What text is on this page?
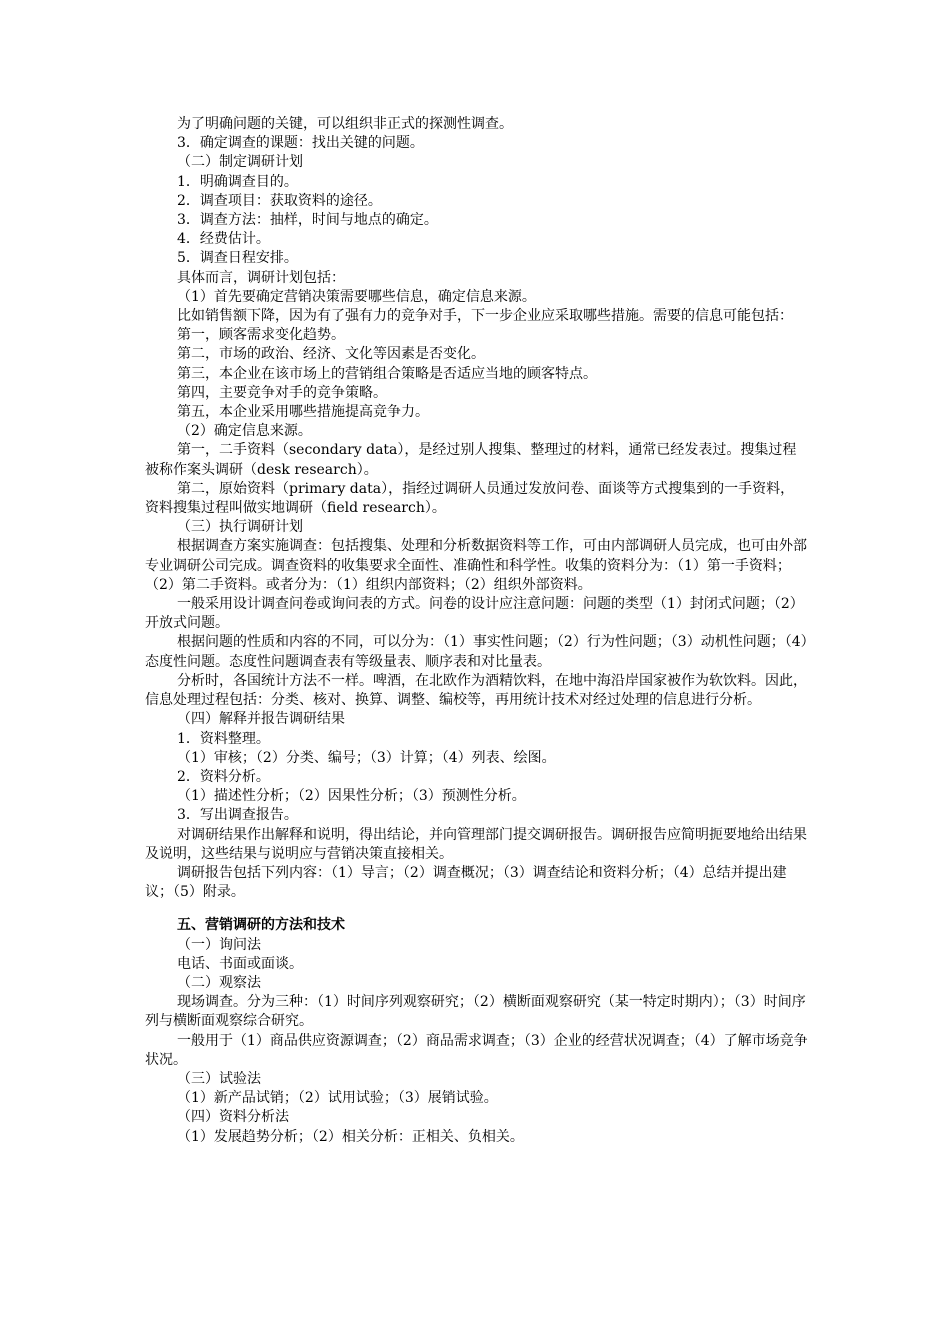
为了明确问题的关键，可以组织非正式的探测性调查。

3．确定调查的课题：找出关键的问题。

（二）制定调研计划

1．明确调查目的。

2．调查项目：获取资料的途径。

3．调查方法：抽样，时间与地点的确定。

4．经费估计。

5．调查日程安排。

具体而言，调研计划包括：

（1）首先要确定营销决策需要哪些信息，确定信息来源。

比如销售额下降，因为有了强有力的竞争对手，下一步企业应采取哪些措施。需要的信息可能包括：

第一，顾客需求变化趋势。

第二，市场的政治、经济、文化等因素是否变化。

第三，本企业在该市场上的营销组合策略是否适应当地的顾客特点。

第四，主要竞争对手的竞争策略。

第五，本企业采用哪些措施提高竞争力。

（2）确定信息来源。

第一，二手资料（secondary data），是经过别人搜集、整理过的材料，通常已经发表过。搜集过程被称作案头调研（desk research）。

第二，原始资料（primary data），指经过调研人员通过发放问卷、面谈等方式搜集到的一手资料，资料搜集过程叫做实地调研（field research）。

（三）执行调研计划

根据调查方案实施调查：包括搜集、处理和分析数据资料等工作，可由内部调研人员完成，也可由外部专业调研公司完成。调查资料的收集要求全面性、准确性和科学性。收集的资料分为：（1）第一手资料；（2）第二手资料。或者分为：（1）组织内部资料；（2）组织外部资料。

一般采用设计调查问卷或询问表的方式。问卷的设计应注意问题：问题的类型（1）封闭式问题；（2）开放式问题。

根据问题的性质和内容的不同，可以分为：（1）事实性问题；（2）行为性问题；（3）动机性问题；（4）态度性问题。态度性问题调查表有等级量表、顺序表和对比量表。

分析时，各国统计方法不一样。啤酒，在北欧作为酒精饮料，在地中海沿岸国家被作为软饮料。因此，信息处理过程包括：分类、核对、换算、调整、编校等，再用统计技术对经过处理的信息进行分析。

（四）解释并报告调研结果

1．资料整理。

（1）审核；（2）分类、编号；（3）计算；（4）列表、绘图。

2．资料分析。

（1）描述性分析；（2）因果性分析；（3）预测性分析。

3．写出调查报告。

对调研结果作出解释和说明，得出结论，并向管理部门提交调研报告。调研报告应简明扼要地给出结果及说明，这些结果与说明应与营销决策直接相关。

调研报告包括下列内容：（1）导言；（2）调查概况；（3）调查结论和资料分析；（4）总结并提出建议；（5）附录。

五、营销调研的方法和技术

（一）询问法

电话、书面或面谈。

（二）观察法

现场调查。分为三种：（1）时间序列观察研究；（2）横断面观察研究（某一特定时期内）；（3）时间序列与横断面观察综合研究。

一般用于（1）商品供应资源调查；（2）商品需求调查；（3）企业的经营状况调查；（4）了解市场竞争状况。

（三）试验法

（1）新产品试销；（2）试用试验；（3）展销试验。

（四）资料分析法

（1）发展趋势分析；（2）相关分析：正相关、负相关。
